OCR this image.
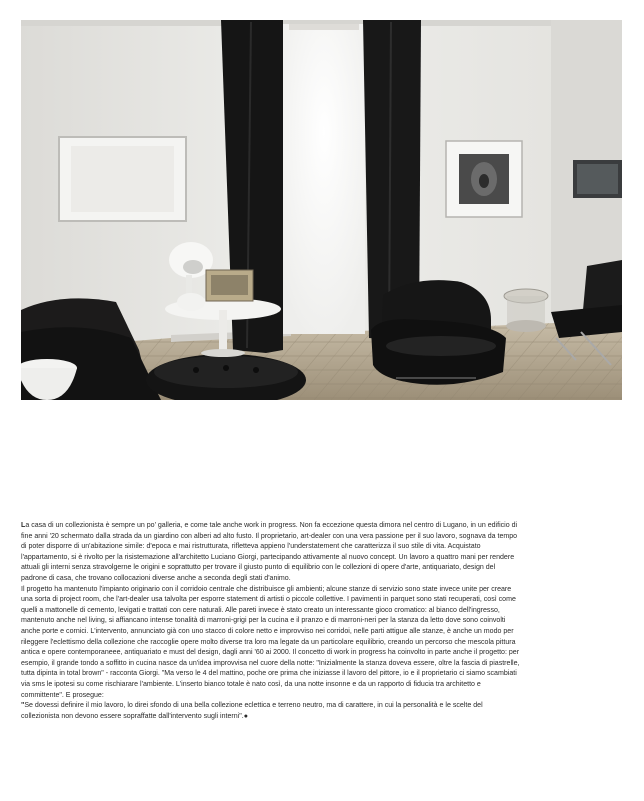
La casa di un collezionista è sempre un po' galleria, e come tale anche work in progress. Non fa eccezione questa dimora nel centro di Lugano, in un edificio di fine anni '20 schermato dalla strada da un giardino con alberi ad alto fusto. Il proprietario, art-dealer con una vera passione per il suo lavoro, sognava da tempo di poter disporre di un'abitazione simile: d'epoca e mai ristrutturata, riflettevа appieno l'understatement che caratterizza il suo stile di vita. Acquistato l'appartamento, si è rivolto per la risistemazione all'architetto Luciano Giorgi, partecipando attivamente al nuovo concept. Un lavoro a quattro mani per rendere attuali gli interni senza stravolgerne le origini e soprattutto per trovare il giusto punto di equilibrio con le collezioni di opere d'arte, antiquariato, design del padrone di casa, che trovano collocazioni diverse anche a seconda degli stati d'animo.

Il progetto ha mantenuto l'impianto originario con il corridoio centrale che distribuisce gli ambienti; alcune stanze di servizio sono state invece unite per creare una sorta di project room, che l'art-dealer usa talvolta per esporre statement di artisti o piccole collettive. I pavimenti in parquet sono stati recuperati, così come quelli a mattonelle di cemento, levigati e trattati con cere naturali. Alle pareti invece è stato creato un interessante gioco cromatico: al bianco dell'ingresso, mantenuto anche nel living, si affiancano intense tonalità di marroni-grigi per la cucina e il pranzo e di marroni-neri per la stanza da letto dove sono coinvolti anche porte e cornici. L'intervento, annunciato già con uno stacco di colore netto e improvviso nei corridoi, nelle parti attigue alle stanze, è anche un modo per rileggere l'eclettismo della collezione che raccoglie opere molto diverse tra loro ma legate da un particolare equilibrio, creando un percorso che mescola pittura antica e opere contemporaneee, antiquariato e must del design, dagli anni '60 ai 2000. Il concetto di work in progress ha coinvolto in parte anche il progetto: per esempio, il grande tondo a soffitto in cucina nasce da un'idea improvvisa nel cuore della notte: "Inizialmente la stanza doveva essere, oltre la fascia di piastrelle, tutta dipinta in total brown" - racconta Giorgi. "Ma verso le 4 del mattino, poche ore prima che iniziasse il lavoro del pittore, io e il proprietario ci siamo scambiati via sms le ipotesi su come rischiarare l'ambiente. L'inserto bianco totale è nato così, da una notte insonne e da un rapporto di fiducia tra architetto e committente". E prosegue:

"Se dovessi definire il mio lavoro, lo direi sfondo di una bella collezione eclettica e terreno neutro, ma di carattere, in cui la personalità e le scelte del collezionista non devono essere sopraffatte dall'intervento sugli interni".●
